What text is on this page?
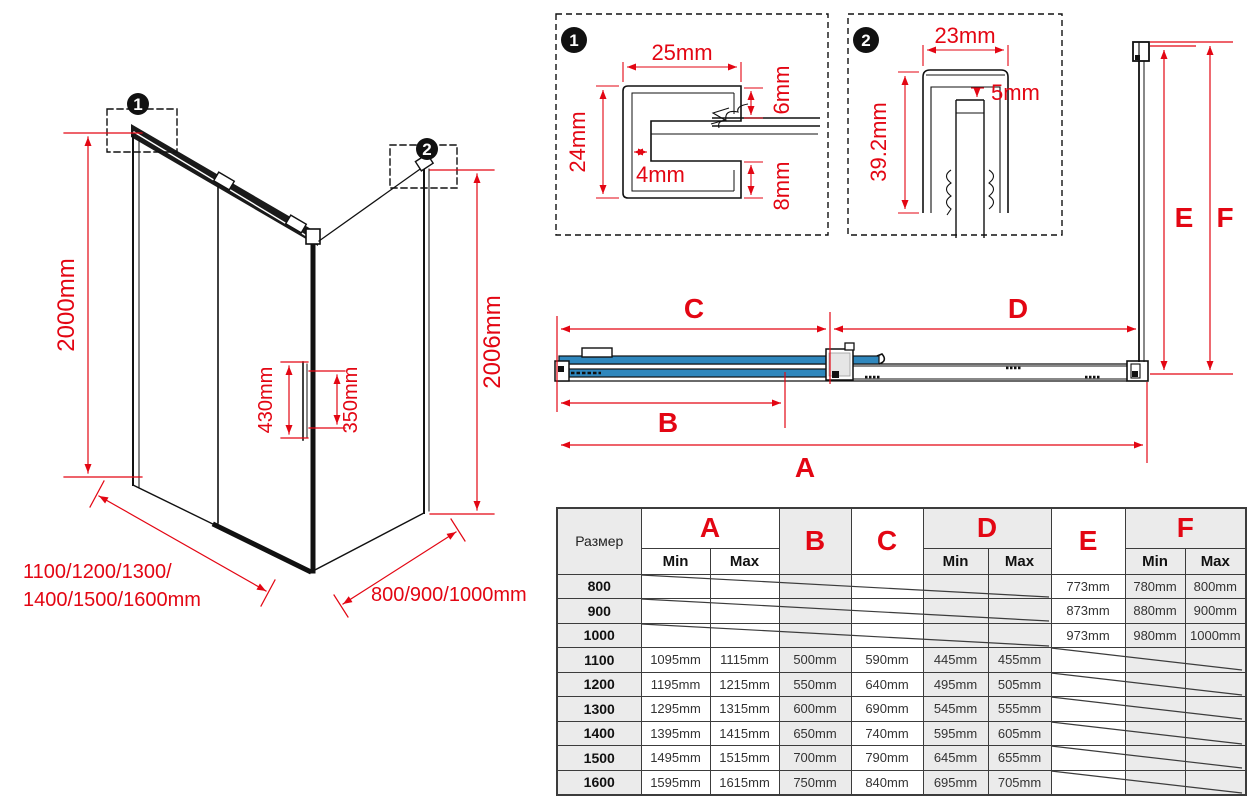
1
2
2000mm	2006mm
430mm	350mm
1100/1200/1300/
1400/1500/1600mm	800/900/1000mm
1	25mm
24mm
4mm
6mm
8mm
2	23mm
5mm
39.2mm
C	D
B
A
E F
Размер	A		B	C	D		E	F	
	Min	Max			Min	Max		Min	Max
800							773mm	780mm	800mm
900							873mm	880mm	900mm
1000							973mm	980mm	1000mm
1100	1095mm	1115mm	500mm	590mm	445mm	455mm			
1200	1195mm	1215mm	550mm	640mm	495mm	505mm			
1300	1295mm	1315mm	600mm	690mm	545mm	555mm			
1400	1395mm	1415mm	650mm	740mm	595mm	605mm			
1500	1495mm	1515mm	700mm	790mm	645mm	655mm			
1600	1595mm	1615mm	750mm	840mm	695mm	705mm			
